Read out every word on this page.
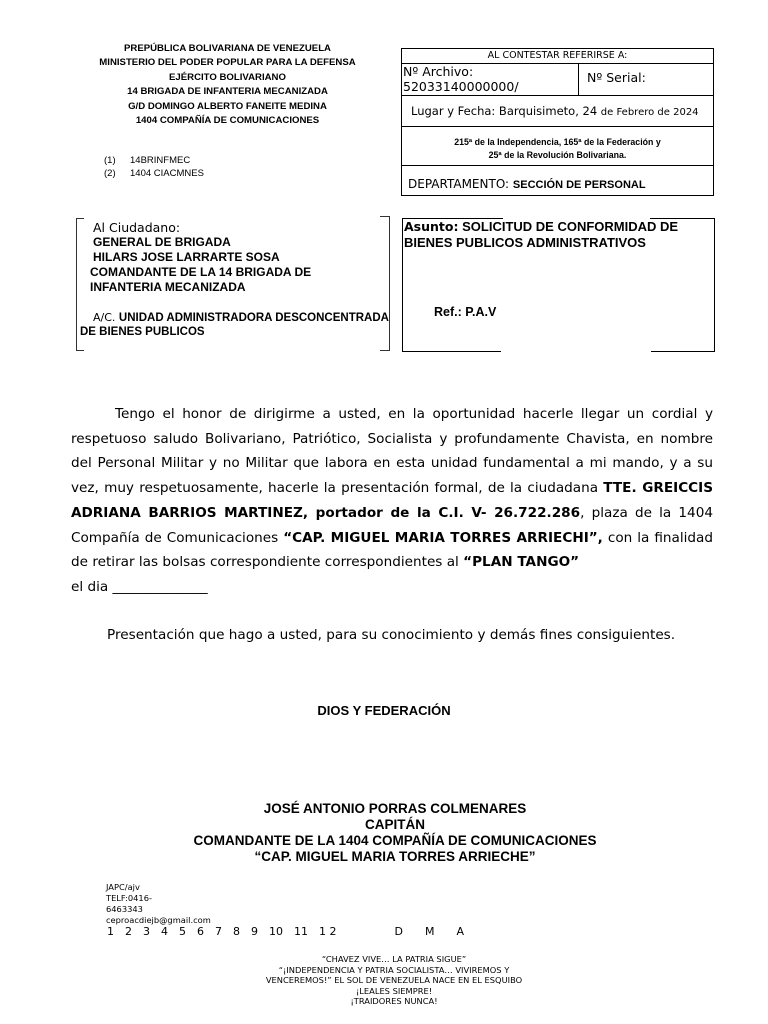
PREPÚBLICA BOLIVARIANA DE VENEZUELA
MINISTERIO DEL PODER POPULAR PARA LA DEFENSA
EJÉRCITO BOLIVARIANO
14 BRIGADA DE INFANTERIA MECANIZADA
G/D DOMINGO ALBERTO FANEITE MEDINA
1404 COMPAÑÍA DE COMUNICACIONES
(1) 14BRINFMEC
(2) 1404 CIACMNES
AL CONTESTAR REFERIRSE A:
Nº Archivo:
52033140000000/
Nº Serial:
Lugar y Fecha: Barquisimeto, 24 de Febrero de 2024
215ª de la Independencia, 165ª de la Federación y
25ª de la Revolución Bolivariana.
DEPARTAMENTO: SECCIÓN DE PERSONAL
Al Ciudadano:
GENERAL DE BRIGADA
HILARS JOSE LARRARTE SOSA
COMANDANTE DE LA 14 BRIGADA DE
INFANTERIA MECANIZADA
A/C. UNIDAD ADMINISTRADORA DESCONCENTRADA
DE BIENES PUBLICOS
Asunto: SOLICITUD DE CONFORMIDAD DE
BIENES PUBLICOS ADMINISTRATIVOS
Ref.: P.A.V
Tengo el honor de dirigirme a usted, en la oportunidad hacerle llegar un cordial y respetuoso saludo Bolivariano, Patriótico, Socialista y profundamente Chavista, en nombre del Personal Militar y no Militar que labora en esta unidad fundamental a mi mando, y a su vez, muy respetuosamente, hacerle la presentación formal, de la ciudadana TTE. GREICCIS ADRIANA BARRIOS MARTINEZ, portador de la C.I. V- 26.722.286, plaza de la 1404 Compañía de Comunicaciones “CAP. MIGUEL MARIA TORRES ARRIECHI”, con la finalidad de retirar las bolsas correspondiente correspondientes al “PLAN TANGO”
el dia ______________
Presentación que hago a usted, para su conocimiento y demás fines consiguientes.
DIOS Y FEDERACIÓN
JOSÉ ANTONIO PORRAS COLMENARES
CAPITÁN
COMANDANTE DE LA 1404 COMPAÑÍA DE COMUNICACIONES
“CAP. MIGUEL MARIA TORRES ARRIECHE”
JAPC/ajv
TELF:0416-
6463343
ceproacdiejb@gmail.com
1 2 3 4 5 6 7 8 9 10 11 1 2	D M A
“CHAVEZ VIVE… LA PATRIA SIGUE”
“¡INDEPENDENCIA Y PATRIA SOCIALISTA… VIVIREMOS Y
VENCEREMOS!” EL SOL DE VENEZUELA NACE EN EL ESQUIBO
¡LEALES SIEMPRE!
¡TRAIDORES NUNCA!
